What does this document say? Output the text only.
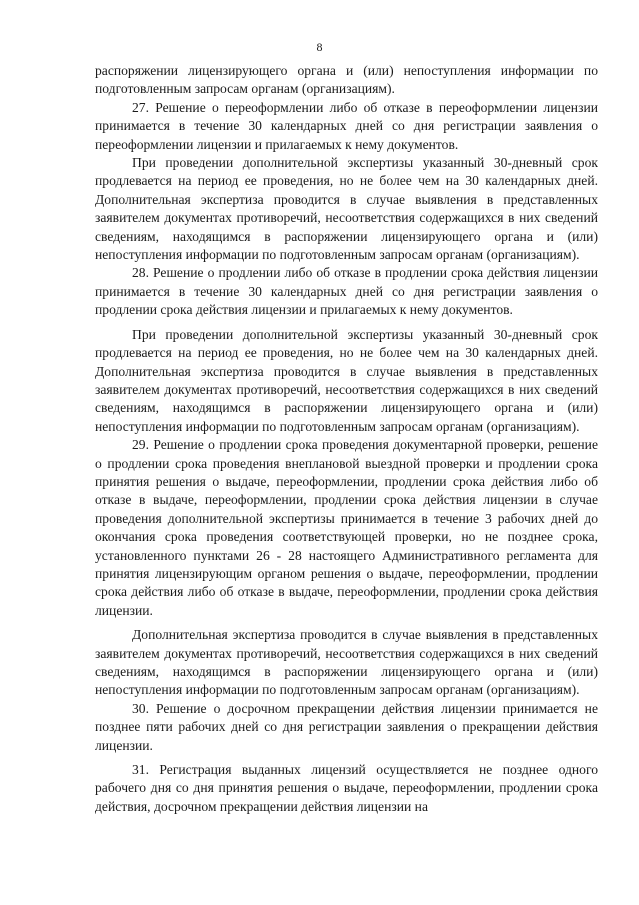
8

распоряжении лицензирующего органа и (или) непоступления информации по подготовленным запросам органам (организациям).

27. Решение о переоформлении либо об отказе в переоформлении лицензии принимается в течение 30 календарных дней со дня регистрации заявления о переоформлении лицензии и прилагаемых к нему документов.

При проведении дополнительной экспертизы указанный 30-дневный срок продлевается на период ее проведения, но не более чем на 30 календарных дней. Дополнительная экспертиза проводится в случае выявления в представленных заявителем документах противоречий, несоответствия содержащихся в них сведений сведениям, находящимся в распоряжении лицензирующего органа и (или) непоступления информации по подготовленным запросам органам (организациям).

28. Решение о продлении либо об отказе в продлении срока действия лицензии принимается в течение 30 календарных дней со дня регистрации заявления о продлении срока действия лицензии и прилагаемых к нему документов.

При проведении дополнительной экспертизы указанный 30-дневный срок продлевается на период ее проведения, но не более чем на 30 календарных дней. Дополнительная экспертиза проводится в случае выявления в представленных заявителем документах противоречий, несоответствия содержащихся в них сведений сведениям, находящимся в распоряжении лицензирующего органа и (или) непоступления информации по подготовленным запросам органам (организациям).

29. Решение о продлении срока проведения документарной проверки, решение о продлении срока проведения внеплановой выездной проверки и продлении срока принятия решения о выдаче, переоформлении, продлении срока действия либо об отказе в выдаче, переоформлении, продлении срока действия лицензии в случае проведения дополнительной экспертизы принимается в течение 3 рабочих дней до окончания срока проведения соответствующей проверки, но не позднее срока, установленного пунктами 26 - 28 настоящего Административного регламента для принятия лицензирующим органом решения о выдаче, переоформлении, продлении срока действия либо об отказе в выдаче, переоформлении, продлении срока действия лицензии.

Дополнительная экспертиза проводится в случае выявления в представленных заявителем документах противоречий, несоответствия содержащихся в них сведений сведениям, находящимся в распоряжении лицензирующего органа и (или) непоступления информации по подготовленным запросам органам (организациям).

30. Решение о досрочном прекращении действия лицензии принимается не позднее пяти рабочих дней со дня регистрации заявления о прекращении действия лицензии.

31. Регистрация выданных лицензий осуществляется не позднее одного рабочего дня со дня принятия решения о выдаче, переоформлении, продлении срока действия, досрочном прекращении действия лицензии на
